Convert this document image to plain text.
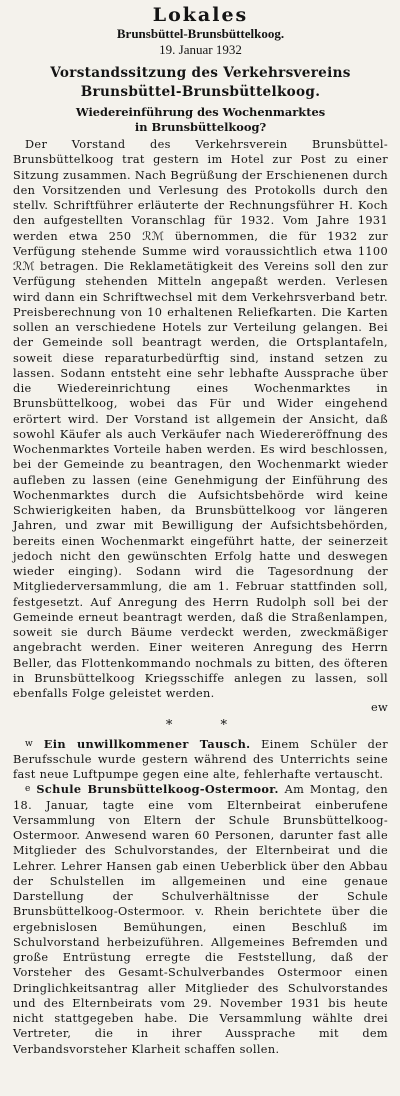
Lokales
Brunsbüttel-Brunsbüttelkoog.
19. Januar 1932
Vorstandssitzung des Verkehrsvereins
Brunsbüttel-Brunsbüttelkoog.
Wiedereinführung des Wochenmarktes
in Brunsbüttelkoog?

Der Vorstand des Verkehrsverein Brunsbüttel-Brunsbüttelkoog trat gestern im Hotel zur Post zu einer Sitzung zusammen. Nach Begrüßung der Erschienenen durch den Vorsitzenden und Verlesung des Protokolls durch den stellv. Schriftführer erläuterte der Rechnungsführer H. Koch den aufgestellten Voranschlag für 1932. Vom Jahre 1931 werden etwa 250 ℛℳ übernommen, die für 1932 zur Verfügung stehende Summe wird voraussichtlich etwa 1100 ℛℳ betragen. Die Reklametätigkeit des Vereins soll den zur Verfügung stehenden Mitteln angepaßt werden. Verlesen wird dann ein Schriftwechsel mit dem Verkehrsverband betr. Preisberechnung von 10 erhaltenen Reliefkarten. Die Karten sollen an verschiedene Hotels zur Verteilung gelangen. Bei der Gemeinde soll beantragt werden, die Ortsplantafeln, soweit diese reparaturbedürftig sind, instand setzen zu lassen. Sodann entsteht eine sehr lebhafte Aussprache über die Wiedereinrichtung eines Wochenmarktes in Brunsbüttelkoog, wobei das Für und Wider eingehend erörtert wird. Der Vorstand ist allgemein der Ansicht, daß sowohl Käufer als auch Verkäufer nach Wiedereröffnung des Wochenmarktes Vorteile haben werden. Es wird beschlossen, bei der Gemeinde zu beantragen, den Wochenmarkt wieder aufleben zu lassen (eine Genehmigung der Einführung des Wochenmarktes durch die Aufsichtsbehörde wird keine Schwierigkeiten haben, da Brunsbüttelkoog vor längeren Jahren, und zwar mit Bewilligung der Aufsichtsbehörden, bereits einen Wochenmarkt eingeführt hatte, der seinerzeit jedoch nicht den gewünschten Erfolg hatte und deswegen wieder einging). Sodann wird die Tagesordnung der Mitgliederversammlung, die am 1. Februar stattfinden soll, festgesetzt. Auf Anregung des Herrn Rudolph soll bei der Gemeinde erneut beantragt werden, daß die Straßenlampen, soweit sie durch Bäume verdeckt werden, zweckmäßiger angebracht werden. Einer weiteren Anregung des Herrn Beller, das Flottenkommando nochmals zu bitten, des öfteren in Brunsbüttelkoog Kriegsschiffe anlegen zu lassen, soll ebenfalls Folge geleistet werden.

ew
* *

$^w$ Ein unwillkommener Tausch. Einem Schüler der Berufsschule wurde gestern während des Unterrichts seine fast neue Luftpumpe gegen eine alte, fehlerhafte vertauscht.

$^e$ Schule Brunsbüttelkoog-Ostermoor. Am Montag, den 18. Januar, tagte eine vom Elternbeirat einberufene Versammlung von Eltern der Schule Brunsbüttelkoog-Ostermoor. Anwesend waren 60 Personen, darunter fast alle Mitglieder des Schulvorstandes, der Elternbeirat und die Lehrer. Lehrer Hansen gab einen Ueberblick über den Abbau der Schulstellen im allgemeinen und eine genaue Darstellung der Schulverhältnisse der Schule Brunsbüttelkoog-Ostermoor. v. Rhein berichtete über die ergebnislosen Bemühungen, einen Beschluß im Schulvorstand herbeizuführen. Allgemeines Befremden und große Entrüstung erregte die Feststellung, daß der Vorsteher des Gesamt-Schulverbandes Ostermoor einen Dringlichkeitsantrag aller Mitglieder des Schulvorstandes und des Elternbeirats vom 29. November 1931 bis heute nicht stattgegeben habe. Die Versammlung wählte drei Vertreter, die in ihrer Aussprache mit dem Verbandsvorsteher Klarheit schaffen sollen.
